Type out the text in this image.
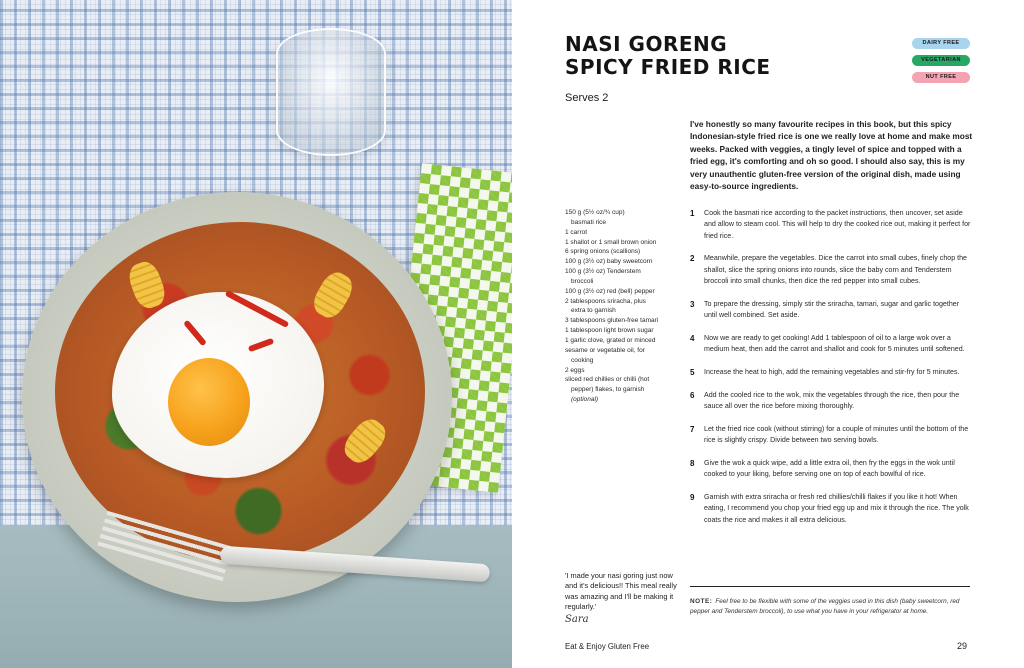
NASI GORENG
SPICY FRIED RICE
DAIRY FREE
VEGETARIAN
NUT FREE
Serves 2

I've honestly so many favourite recipes in this book, but this spicy Indonesian-style fried rice is one we really love at home and make most weeks. Packed with veggies, a tingly level of spice and topped with a fried egg, it's comforting and oh so good. I should also say, this is my very unauthentic gluten-free version of the original dish, made using easy-to-source ingredients.

150 g (5½ oz/¾ cup)
basmati rice
1 carrot
1 shallot or 1 small brown onion
6 spring onions (scallions)
100 g (3½ oz) baby sweetcorn
100 g (3½ oz) Tenderstem
broccoli
100 g (3½ oz) red (bell) pepper
2 tablespoons sriracha, plus
extra to garnish
3 tablespoons gluten-free tamari
1 tablespoon light brown sugar
1 garlic clove, grated or minced
sesame or vegetable oil, for
cooking
2 eggs
sliced red chillies or chilli (hot
pepper) flakes, to garnish
(optional)
1 Cook the basmati rice according to the packet instructions, then uncover, set aside and allow to steam cool. This will help to dry the cooked rice out, making it perfect for fried rice.
2 Meanwhile, prepare the vegetables. Dice the carrot into small cubes, finely chop the shallot, slice the spring onions into rounds, slice the baby corn and Tenderstem broccoli into small chunks, then dice the red pepper into small cubes.
3 To prepare the dressing, simply stir the sriracha, tamari, sugar and garlic together until well combined. Set aside.
4 Now we are ready to get cooking! Add 1 tablespoon of oil to a large wok over a medium heat, then add the carrot and shallot and cook for 5 minutes until softened.
5 Increase the heat to high, add the remaining vegetables and stir-fry for 5 minutes.
6 Add the cooled rice to the wok, mix the vegetables through the rice, then pour the sauce all over the rice before mixing thoroughly.
7 Let the fried rice cook (without stirring) for a couple of minutes until the bottom of the rice is slightly crispy. Divide between two serving bowls.
8 Give the wok a quick wipe, add a little extra oil, then fry the eggs in the wok until cooked to your liking, before serving one on top of each bowlful of rice.
9 Garnish with extra sriracha or fresh red chillies/chilli flakes if you like it hot! When eating, I recommend you chop your fried egg up and mix it through the rice. The yolk coats the rice and makes it all extra delicious.

NOTE: Feel free to be flexible with some of the veggies used in this dish (baby sweetcorn, red pepper and Tenderstem broccoli), to use what you have in your refrigerator at home.

'I made your nasi goring just now and it's delicious!! This meal really was amazing and I'll be making it regularly.'

Sara
Eat & Enjoy Gluten Free	29
